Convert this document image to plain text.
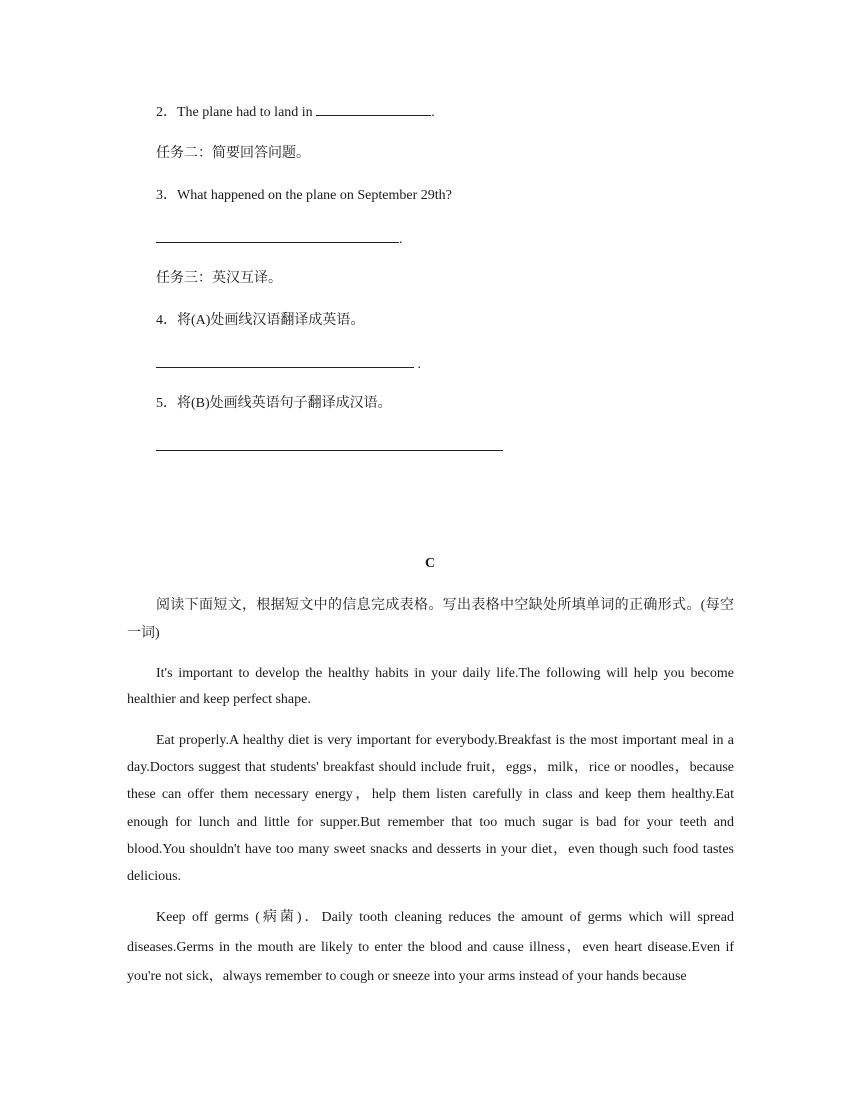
2．The plane had to land in	.
任务二：简要回答问题。
3．What happened on the plane on September 29th?
.
任务三：英汉互译。
4．将(A)处画线汉语翻译成英语。
.
5．将(B)处画线英语句子翻译成汉语。
C
阅读下面短文，根据短文中的信息完成表格。写出表格中空缺处所填单词的正确形式。(每空一词)
It's important to develop the healthy habits in your daily life.The following will help you become healthier and keep perfect shape.
Eat properly.A healthy diet is very important for everybody.Breakfast is the most important meal in a day.Doctors suggest that students' breakfast should include fruit，eggs，milk，rice or noodles，because these can offer them necessary energy，help them listen carefully in class and keep them healthy.Eat enough for lunch and little for supper.But remember that too much sugar is bad for your teeth and blood.You shouldn't have too many sweet snacks and desserts in your diet，even though such food tastes delicious.
Keep off germs (病菌)．Daily tooth cleaning reduces the amount of germs which will spread diseases.Germs in the mouth are likely to enter the blood and cause illness，even heart disease.Even if you're not sick，always remember to cough or sneeze into your arms instead of your hands because
